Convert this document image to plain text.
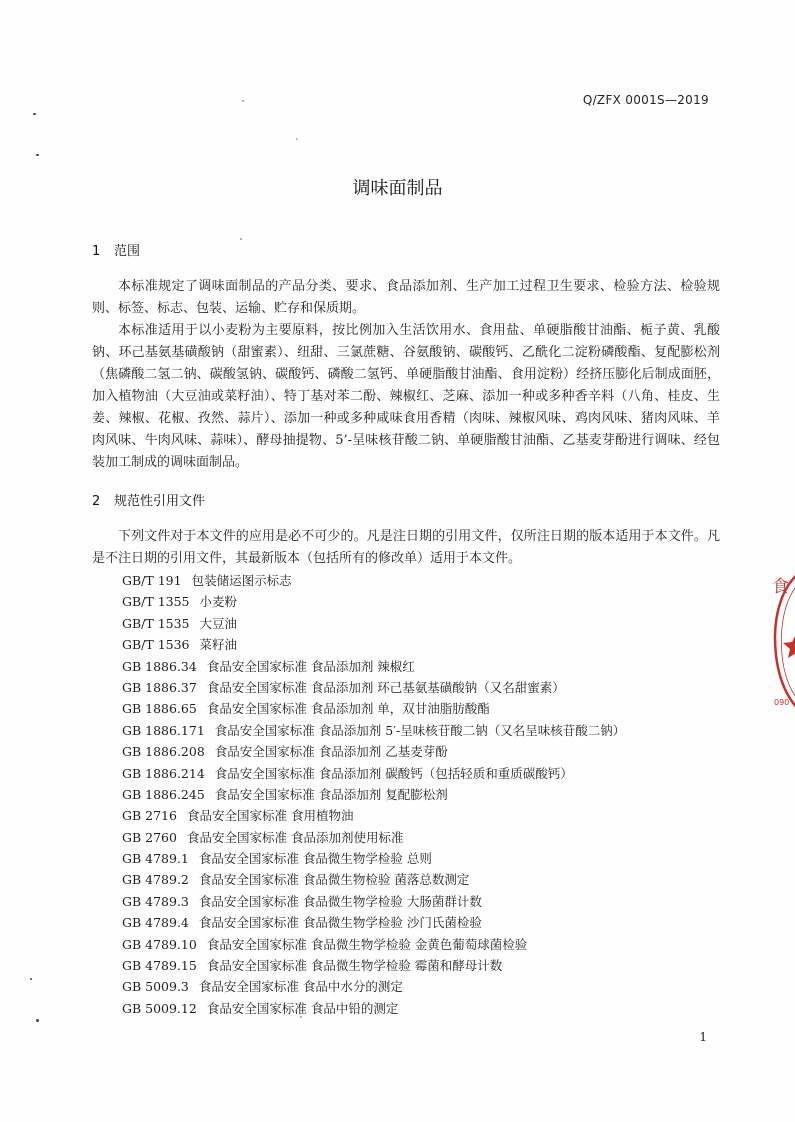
Q/ZFX 0001S—2019
调味面制品
1 范围

本标准规定了调味面制品的产品分类、要求、食品添加剂、生产加工过程卫生要求、检验方法、检验规则、标签、标志、包装、运输、贮存和保质期。

本标准适用于以小麦粉为主要原料，按比例加入生活饮用水、食用盐、单硬脂酸甘油酯、栀子黄、乳酸钠、环己基氨基磺酸钠（甜蜜素）、纽甜、三氯蔗糖、谷氨酸钠、碳酸钙、乙酰化二淀粉磷酸酯、复配膨松剂（焦磷酸二氢二钠、碳酸氢钠、碳酸钙、磷酸二氢钙、单硬脂酸甘油酯、食用淀粉）经挤压膨化后制成面胚，加入植物油（大豆油或菜籽油）、特丁基对苯二酚、辣椒红、芝麻、添加一种或多种香辛料（八角、桂皮、生姜、辣椒、花椒、孜然、蒜片）、添加一种或多种咸味食用香精（肉味、辣椒风味、鸡肉风味、猪肉风味、羊肉风味、牛肉风味、蒜味）、酵母抽提物、5’-呈味核苷酸二钠、单硬脂酸甘油酯、乙基麦芽酚进行调味、经包装加工制成的调味面制品。

2 规范性引用文件

下列文件对于本文件的应用是必不可少的。凡是注日期的引用文件，仅所注日期的版本适用于本文件。凡是不注日期的引用文件，其最新版本（包括所有的修改单）适用于本文件。

GB/T 191 包装储运图示标志
GB/T 1355 小麦粉
GB/T 1535 大豆油
GB/T 1536 菜籽油
GB 1886.34 食品安全国家标准 食品添加剂 辣椒红
GB 1886.37 食品安全国家标准 食品添加剂 环己基氨基磺酸钠（又名甜蜜素）
GB 1886.65 食品安全国家标准 食品添加剂 单，双甘油脂肪酸酯
GB 1886.171 食品安全国家标准 食品添加剂 5′-呈味核苷酸二钠（又名呈味核苷酸二钠）
GB 1886.208 食品安全国家标准 食品添加剂 乙基麦芽酚
GB 1886.214 食品安全国家标准 食品添加剂 碳酸钙（包括轻质和重质碳酸钙）
GB 1886.245 食品安全国家标准 食品添加剂 复配膨松剂
GB 2716 食品安全国家标准 食用植物油
GB 2760 食品安全国家标准 食品添加剂使用标准
GB 4789.1 食品安全国家标准 食品微生物学检验 总则
GB 4789.2 食品安全国家标准 食品微生物检验 菌落总数测定
GB 4789.3 食品安全国家标准 食品微生物学检验 大肠菌群计数
GB 4789.4 食品安全国家标准 食品微生物学检验 沙门氏菌检验
GB 4789.10 食品安全国家标准 食品微生物学检验 金黄色葡萄球菌检验
GB 4789.15 食品安全国家标准 食品微生物学检验 霉菌和酵母计数
GB 5009.3 食品安全国家标准 食品中水分的测定
GB 5009.12 食品安全国家标准 食品中铅的测定
1
食
090
